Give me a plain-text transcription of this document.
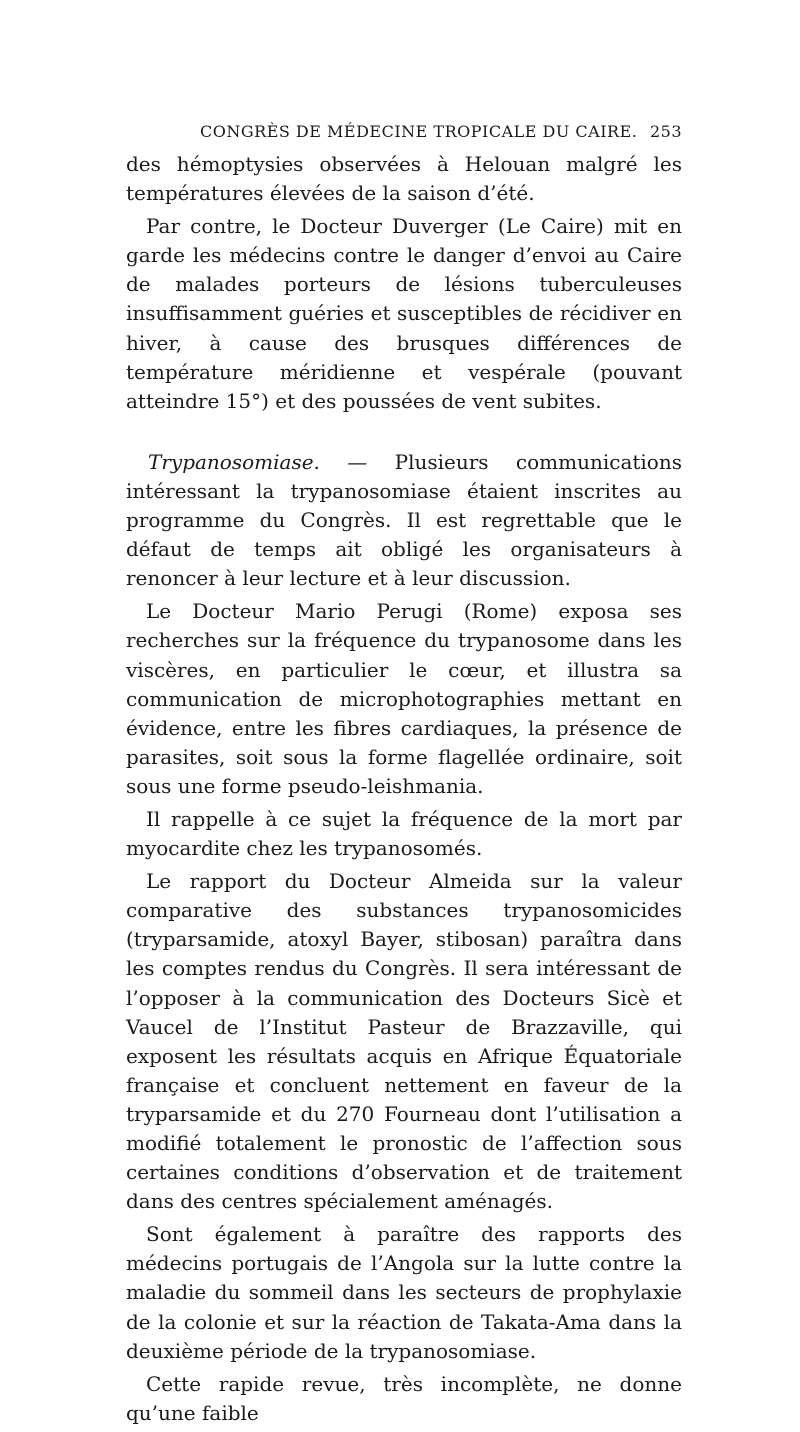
CONGRÈS DE MÉDECINE TROPICALE DU CAIRE. 253

des hémoptysies observées à Helouan malgré les températures élevées de la saison d’été.

Par contre, le Docteur Duverger (Le Caire) mit en garde les médecins contre le danger d’envoi au Caire de malades porteurs de lésions tuberculeuses insuffisamment guéries et susceptibles de récidiver en hiver, à cause des brusques différences de température méridienne et vespérale (pouvant atteindre 15°) et des poussées de vent subites.

Trypanosomiase. — Plusieurs communications intéressant la trypanosomiase étaient inscrites au programme du Congrès. Il est regrettable que le défaut de temps ait obligé les organisateurs à renoncer à leur lecture et à leur discussion.

Le Docteur Mario Perugi (Rome) exposa ses recherches sur la fréquence du trypanosome dans les viscères, en particulier le cœur, et illustra sa communication de microphotographies mettant en évidence, entre les fibres cardiaques, la présence de parasites, soit sous la forme flagellée ordinaire, soit sous une forme pseudo-leishmania.

Il rappelle à ce sujet la fréquence de la mort par myocardite chez les trypanosomés.

Le rapport du Docteur Almeida sur la valeur comparative des substances trypanosomicides (tryparsamide, atoxyl Bayer, stibosan) paraîtra dans les comptes rendus du Congrès. Il sera intéressant de l’opposer à la communication des Docteurs Sicè et Vaucel de l’Institut Pasteur de Brazzaville, qui exposent les résultats acquis en Afrique Équatoriale française et concluent nettement en faveur de la tryparsamide et du 270 Fourneau dont l’utilisation a modifié totalement le pronostic de l’affection sous certaines conditions d’observation et de traitement dans des centres spécialement aménagés.

Sont également à paraître des rapports des médecins portugais de l’Angola sur la lutte contre la maladie du sommeil dans les secteurs de prophylaxie de la colonie et sur la réaction de Takata-Ama dans la deuxième période de la trypanosomiase.

Cette rapide revue, très incomplète, ne donne qu’une faible
